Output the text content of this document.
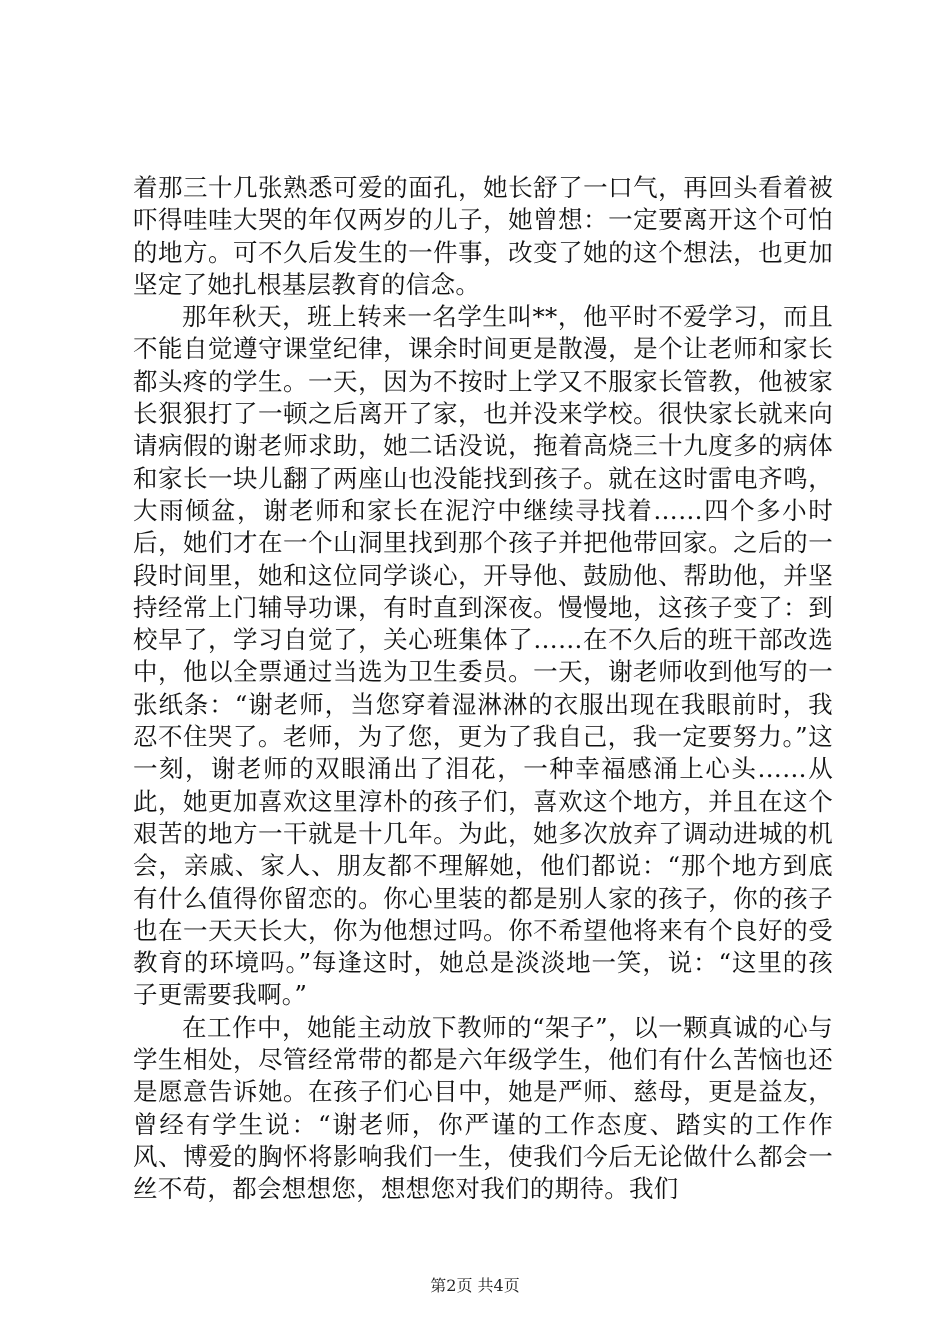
着那三十几张熟悉可爱的面孔，她长舒了一口气，再回头看着被吓得哇哇大哭的年仅两岁的儿子，她曾想：一定要离开这个可怕的地方。可不久后发生的一件事，改变了她的这个想法，也更加坚定了她扎根基层教育的信念。

那年秋天，班上转来一名学生叫**，他平时不爱学习，而且不能自觉遵守课堂纪律，课余时间更是散漫，是个让老师和家长都头疼的学生。一天，因为不按时上学又不服家长管教，他被家长狠狠打了一顿之后离开了家，也并没来学校。很快家长就来向请病假的谢老师求助，她二话没说，拖着高烧三十九度多的病体和家长一块儿翻了两座山也没能找到孩子。就在这时雷电齐鸣，大雨倾盆，谢老师和家长在泥泞中继续寻找着……四个多小时后，她们才在一个山洞里找到那个孩子并把他带回家。之后的一段时间里，她和这位同学谈心，开导他、鼓励他、帮助他，并坚持经常上门辅导功课，有时直到深夜。慢慢地，这孩子变了：到校早了，学习自觉了，关心班集体了……在不久后的班干部改选中，他以全票通过当选为卫生委员。一天，谢老师收到他写的一张纸条：“谢老师，当您穿着湿淋淋的衣服出现在我眼前时，我忍不住哭了。老师，为了您，更为了我自己，我一定要努力。”这一刻，谢老师的双眼涌出了泪花，一种幸福感涌上心头……从此，她更加喜欢这里淳朴的孩子们，喜欢这个地方，并且在这个艰苦的地方一干就是十几年。为此，她多次放弃了调动进城的机会，亲戚、家人、朋友都不理解她，他们都说：“那个地方到底有什么值得你留恋的。你心里装的都是别人家的孩子，你的孩子也在一天天长大，你为他想过吗。你不希望他将来有个良好的受教育的环境吗。”每逢这时，她总是淡淡地一笑，说：“这里的孩子更需要我啊。”

在工作中，她能主动放下教师的“架子”，以一颗真诚的心与学生相处，尽管经常带的都是六年级学生，他们有什么苦恼也还是愿意告诉她。在孩子们心目中，她是严师、慈母，更是益友，曾经有学生说：“谢老师，你严谨的工作态度、踏实的工作作风、博爱的胸怀将影响我们一生，使我们今后无论做什么都会一丝不苟，都会想想您，想想您对我们的期待。我们

第2页 共4页
